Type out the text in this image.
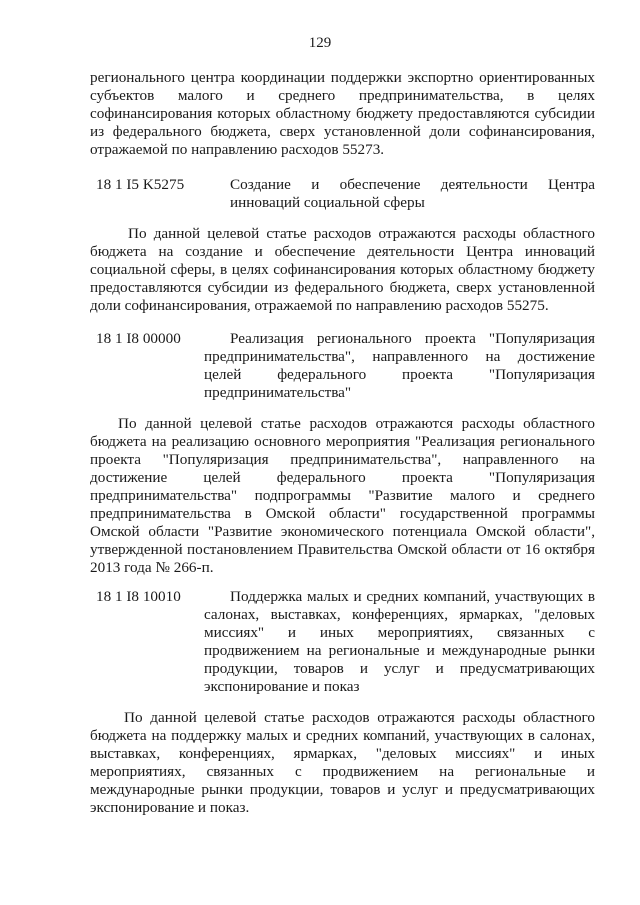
129
регионального центра координации поддержки экспортно ориентированных
субъектов малого и среднего предпринимательства, в целях
софинансирования которых областному бюджету предоставляются субсидии
из федерального бюджета, сверх установленной доли софинансирования,
отражаемой по направлению расходов 55273.
18 1 I5 K5275	Создание и обеспечение деятельности Центра
инноваций социальной сферы
По данной целевой статье расходов отражаются расходы областного
бюджета на создание и обеспечение деятельности Центра инноваций
социальной сферы, в целях софинансирования которых областному бюджету
предоставляются субсидии из федерального бюджета, сверх установленной
доли софинансирования, отражаемой по направлению расходов 55275.
18 1 I8 00000	Реализация регионального проекта "Популяризация
предпринимательства", направленного на достижение
целей федерального проекта "Популяризация
предпринимательства"
По данной целевой статье расходов отражаются расходы областного
бюджета на реализацию основного мероприятия "Реализация регионального
проекта "Популяризация предпринимательства", направленного на
достижение целей федерального проекта "Популяризация
предпринимательства" подпрограммы "Развитие малого и среднего
предпринимательства в Омской области" государственной программы
Омской области "Развитие экономического потенциала Омской области",
утвержденной постановлением Правительства Омской области от 16 октября
2013 года № 266-п.
18 1 I8 10010	Поддержка малых и средних компаний, участвующих в
салонах, выставках, конференциях, ярмарках, "деловых
миссиях" и иных мероприятиях, связанных с
продвижением на региональные и международные рынки
продукции, товаров и услуг и предусматривающих
экспонирование и показ
По данной целевой статье расходов отражаются расходы областного
бюджета на поддержку малых и средних компаний, участвующих в салонах,
выставках, конференциях, ярмарках, "деловых миссиях" и иных
мероприятиях, связанных с продвижением на региональные и
международные рынки продукции, товаров и услуг и предусматривающих
экспонирование и показ.
